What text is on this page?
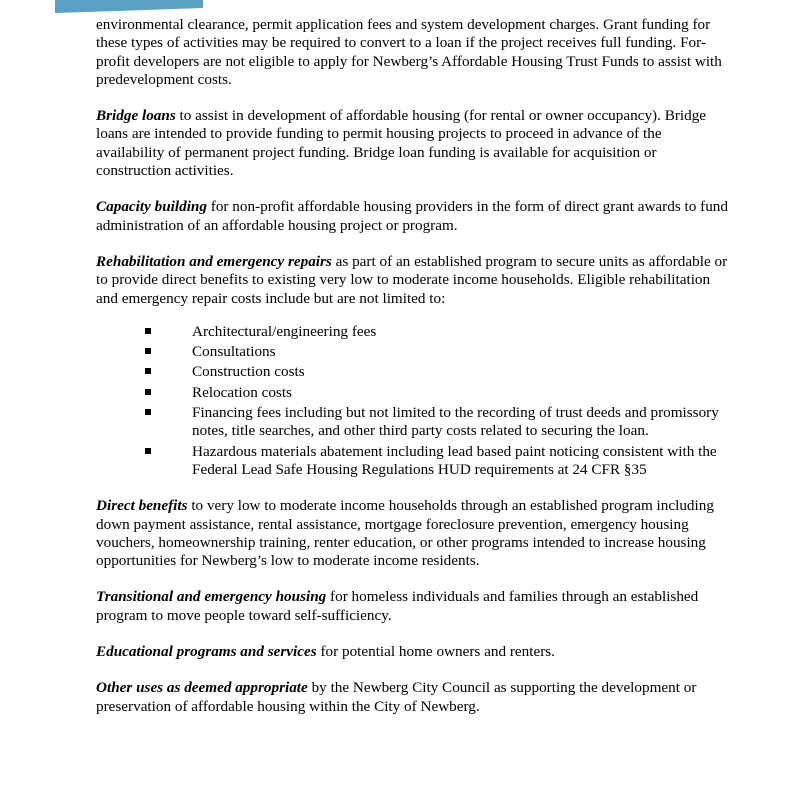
environmental clearance, permit application fees and system development charges. Grant funding for these types of activities may be required to convert to a loan if the project receives full funding. For-profit developers are not eligible to apply for Newberg’s Affordable Housing Trust Funds to assist with predevelopment costs.

Bridge loans to assist in development of affordable housing (for rental or owner occupancy). Bridge loans are intended to provide funding to permit housing projects to proceed in advance of the availability of permanent project funding. Bridge loan funding is available for acquisition or construction activities.

Capacity building for non-profit affordable housing providers in the form of direct grant awards to fund administration of an affordable housing project or program.

Rehabilitation and emergency repairs as part of an established program to secure units as affordable or to provide direct benefits to existing very low to moderate income households. Eligible rehabilitation and emergency repair costs include but are not limited to:

Architectural/engineering fees
Consultations
Construction costs
Relocation costs
Financing fees including but not limited to the recording of trust deeds and promissory notes, title searches, and other third party costs related to securing the loan.
Hazardous materials abatement including lead based paint noticing consistent with the Federal Lead Safe Housing Regulations HUD requirements at 24 CFR §35

Direct benefits to very low to moderate income households through an established program including down payment assistance, rental assistance, mortgage foreclosure prevention, emergency housing vouchers, homeownership training, renter education, or other programs intended to increase housing opportunities for Newberg’s low to moderate income residents.

Transitional and emergency housing for homeless individuals and families through an established program to move people toward self-sufficiency.

Educational programs and services for potential home owners and renters.

Other uses as deemed appropriate by the Newberg City Council as supporting the development or preservation of affordable housing within the City of Newberg.
